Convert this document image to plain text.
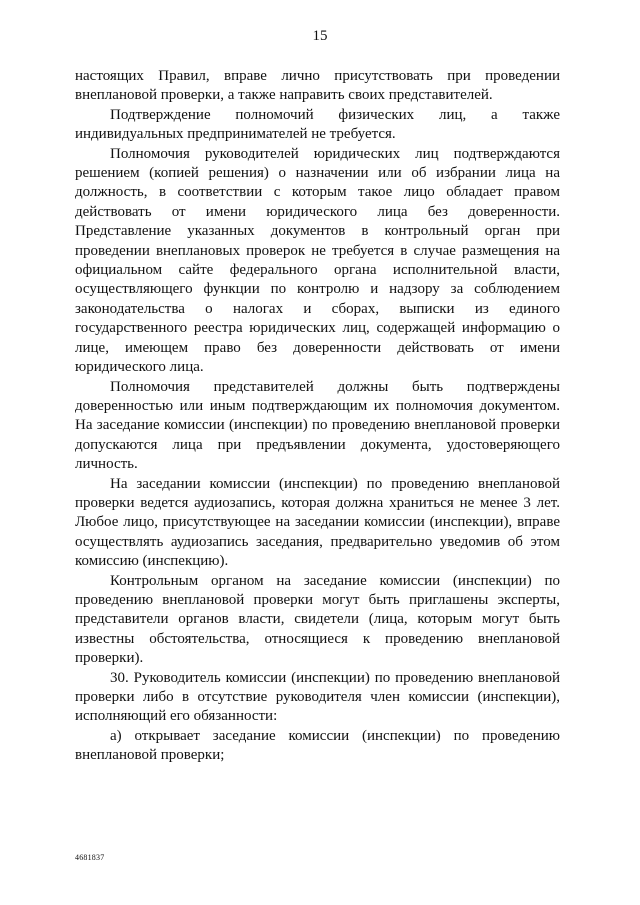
15

настоящих Правил, вправе лично присутствовать при проведении внеплановой проверки, а также направить своих представителей.

Подтверждение полномочий физических лиц, а также индивидуальных предпринимателей не требуется.

Полномочия руководителей юридических лиц подтверждаются решением (копией решения) о назначении или об избрании лица на должность, в соответствии с которым такое лицо обладает правом действовать от имени юридического лица без доверенности. Представление указанных документов в контрольный орган при проведении внеплановых проверок не требуется в случае размещения на официальном сайте федерального органа исполнительной власти, осуществляющего функции по контролю и надзору за соблюдением законодательства о налогах и сборах, выписки из единого государственного реестра юридических лиц, содержащей информацию о лице, имеющем право без доверенности действовать от имени юридического лица.

Полномочия представителей должны быть подтверждены доверенностью или иным подтверждающим их полномочия документом. На заседание комиссии (инспекции) по проведению внеплановой проверки допускаются лица при предъявлении документа, удостоверяющего личность.

На заседании комиссии (инспекции) по проведению внеплановой проверки ведется аудиозапись, которая должна храниться не менее 3 лет. Любое лицо, присутствующее на заседании комиссии (инспекции), вправе осуществлять аудиозапись заседания, предварительно уведомив об этом комиссию (инспекцию).

Контрольным органом на заседание комиссии (инспекции) по проведению внеплановой проверки могут быть приглашены эксперты, представители органов власти, свидетели (лица, которым могут быть известны обстоятельства, относящиеся к проведению внеплановой проверки).

30. Руководитель комиссии (инспекции) по проведению внеплановой проверки либо в отсутствие руководителя член комиссии (инспекции), исполняющий его обязанности:

а) открывает заседание комиссии (инспекции) по проведению внеплановой проверки;

4681837
